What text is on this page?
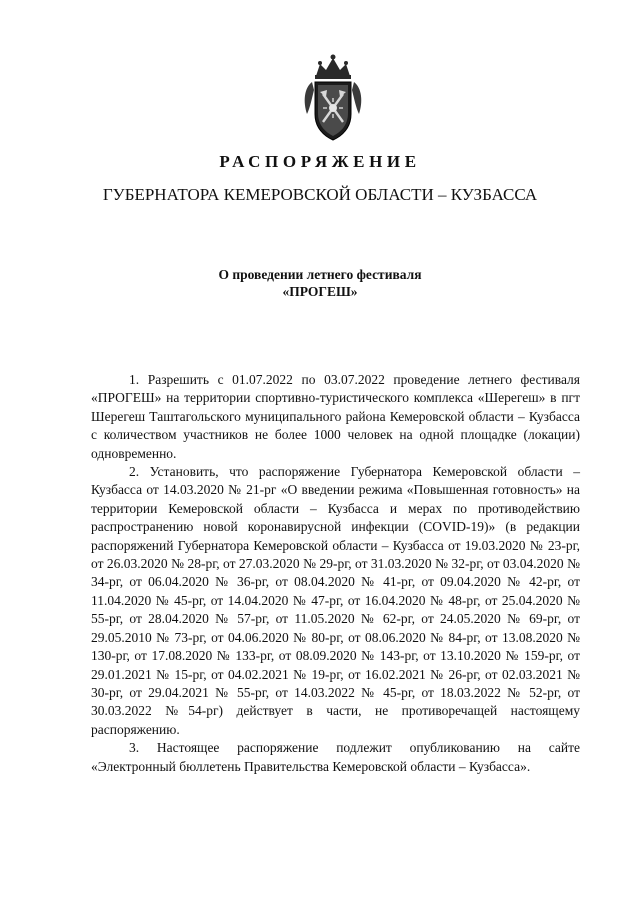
РАСПОРЯЖЕНИЕ
ГУБЕРНАТОРА КЕМЕРОВСКОЙ ОБЛАСТИ – КУЗБАССА
О проведении летнего фестиваля
«ПРОГЕШ»

1. Разрешить с 01.07.2022 по 03.07.2022 проведение летнего фестиваля «ПРОГЕШ» на территории спортивно-туристического комплекса «Шерегеш» в пгт Шерегеш Таштагольского муниципального района Кемеровской области – Кузбасса с количеством участников не более 1000 человек на одной площадке (локации) одновременно.

2. Установить, что распоряжение Губернатора Кемеровской области – Кузбасса от 14.03.2020 № 21-рг «О введении режима «Повышенная готовность» на территории Кемеровской области – Кузбасса и мерах по противодействию распространению новой коронавирусной инфекции (COVID-19)» (в редакции распоряжений Губернатора Кемеровской области – Кузбасса от 19.03.2020 № 23-рг, от 26.03.2020 № 28-рг, от 27.03.2020 № 29-рг, от 31.03.2020 № 32-рг, от 03.04.2020 № 34-рг, от 06.04.2020 № 36-рг, от 08.04.2020 № 41-рг, от 09.04.2020 № 42-рг, от 11.04.2020 № 45-рг, от 14.04.2020 № 47-рг, от 16.04.2020 № 48-рг, от 25.04.2020 № 55-рг, от 28.04.2020 № 57-рг, от 11.05.2020 № 62-рг, от 24.05.2020 № 69-рг, от 29.05.2010 № 73-рг, от 04.06.2020 № 80-рг, от 08.06.2020 № 84-рг, от 13.08.2020 № 130-рг, от 17.08.2020 № 133-рг, от 08.09.2020 № 143-рг, от 13.10.2020 № 159-рг, от 29.01.2021 № 15-рг, от 04.02.2021 № 19-рг, от 16.02.2021 № 26-рг, от 02.03.2021 № 30-рг, от 29.04.2021 № 55-рг, от 14.03.2022 № 45-рг, от 18.03.2022 № 52-рг, от 30.03.2022 №54-рг) действует в части, не противоречащей настоящему распоряжению.

3. Настоящее распоряжение подлежит опубликованию на сайте «Электронный бюллетень Правительства Кемеровской области – Кузбасса».
